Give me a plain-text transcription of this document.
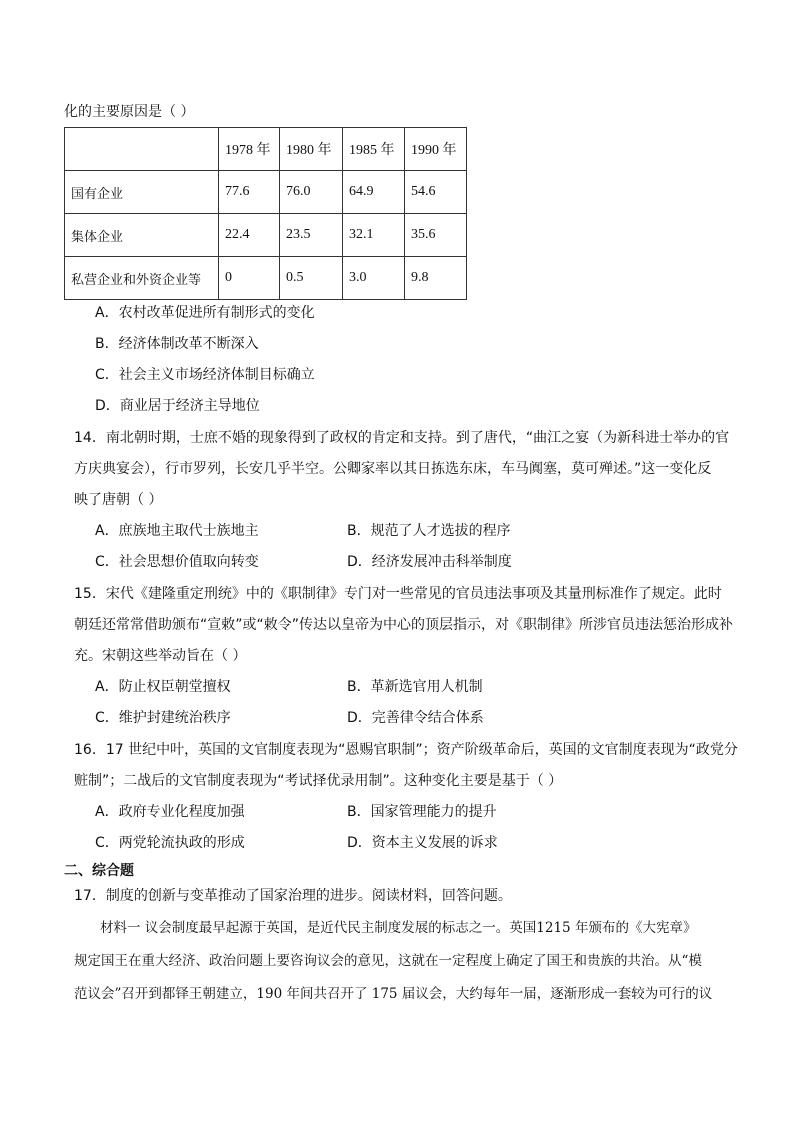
化的主要原因是（ ）
	1978 年	1980 年	1985 年	1990 年
国有企业	77.6	76.0	64.9	54.6
集体企业	22.4	23.5	32.1	35.6
私营企业和外资企业等	0	0.5	3.0	9.8
A．农村改革促进所有制形式的变化
B．经济体制改革不断深入
C．社会主义市场经济体制目标确立
D．商业居于经济主导地位
14．南北朝时期，士庶不婚的现象得到了政权的肯定和支持。到了唐代，“曲江之宴（为新科进士举办的官
方庆典宴会），行市罗列，长安几乎半空。公卿家率以其日拣选东床，车马阗塞，莫可殚述。”这一变化反
映了唐朝（ ）
A．庶族地主取代士族地主	B．规范了人才选拔的程序
C．社会思想价值取向转变	D．经济发展冲击科举制度
15．宋代《建隆重定刑统》中的《职制律》专门对一些常见的官员违法事项及其量刑标准作了规定。此时
朝廷还常常借助颁布“宣敕”或“敕令”传达以皇帝为中心的顶层指示，对《职制律》所涉官员违法惩治形成补
充。宋朝这些举动旨在（ ）
A．防止权臣朝堂擅权	B．革新选官用人机制
C．维护封建统治秩序	D．完善律令结合体系
16．17 世纪中叶，英国的文官制度表现为“恩赐官职制”；资产阶级革命后，英国的文官制度表现为“政党分
赃制”；二战后的文官制度表现为“考试择优录用制”。这种变化主要是基于（ ）
A．政府专业化程度加强	B．国家管理能力的提升
C．两党轮流执政的形成	D．资本主义发展的诉求
二、综合题
17．制度的创新与变革推动了国家治理的进步。阅读材料，回答问题。
材料一 议会制度最早起源于英国，是近代民主制度发展的标志之一。英国1215 年颁布的《大宪章》
规定国王在重大经济、政治问题上要咨询议会的意见，这就在一定程度上确定了国王和贵族的共治。从“模
范议会”召开到都铎王朝建立，190 年间共召开了 175 届议会，大约每年一届，逐渐形成一套较为可行的议
